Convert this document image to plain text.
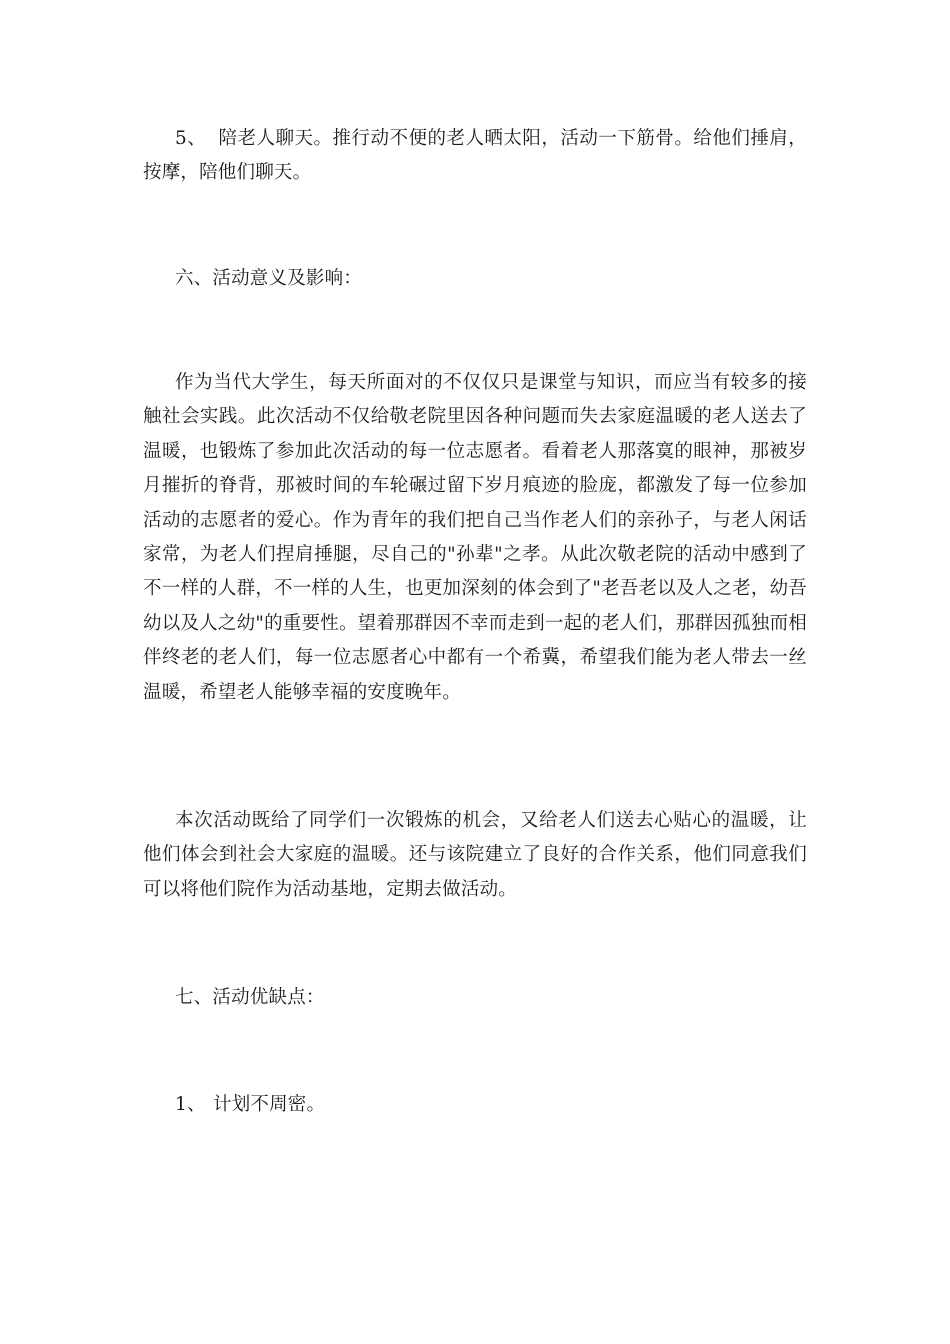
5、 陪老人聊天。推行动不便的老人晒太阳，活动一下筋骨。给他们捶肩，按摩，陪他们聊天。

六、活动意义及影响：

作为当代大学生，每天所面对的不仅仅只是课堂与知识，而应当有较多的接触社会实践。此次活动不仅给敬老院里因各种问题而失去家庭温暖的老人送去了温暖，也锻炼了参加此次活动的每一位志愿者。看着老人那落寞的眼神，那被岁月摧折的脊背，那被时间的车轮碾过留下岁月痕迹的脸庞，都激发了每一位参加活动的志愿者的爱心。作为青年的我们把自己当作老人们的亲孙子，与老人闲话家常，为老人们捏肩捶腿，尽自己的"孙辈"之孝。从此次敬老院的活动中感到了不一样的人群，不一样的人生，也更加深刻的体会到了"老吾老以及人之老，幼吾幼以及人之幼"的重要性。望着那群因不幸而走到一起的老人们，那群因孤独而相伴终老的老人们，每一位志愿者心中都有一个希冀，希望我们能为老人带去一丝温暖，希望老人能够幸福的安度晚年。

本次活动既给了同学们一次锻炼的机会，又给老人们送去心贴心的温暖，让他们体会到社会大家庭的温暖。还与该院建立了良好的合作关系，他们同意我们可以将他们院作为活动基地，定期去做活动。

七、活动优缺点：

1、 计划不周密。
